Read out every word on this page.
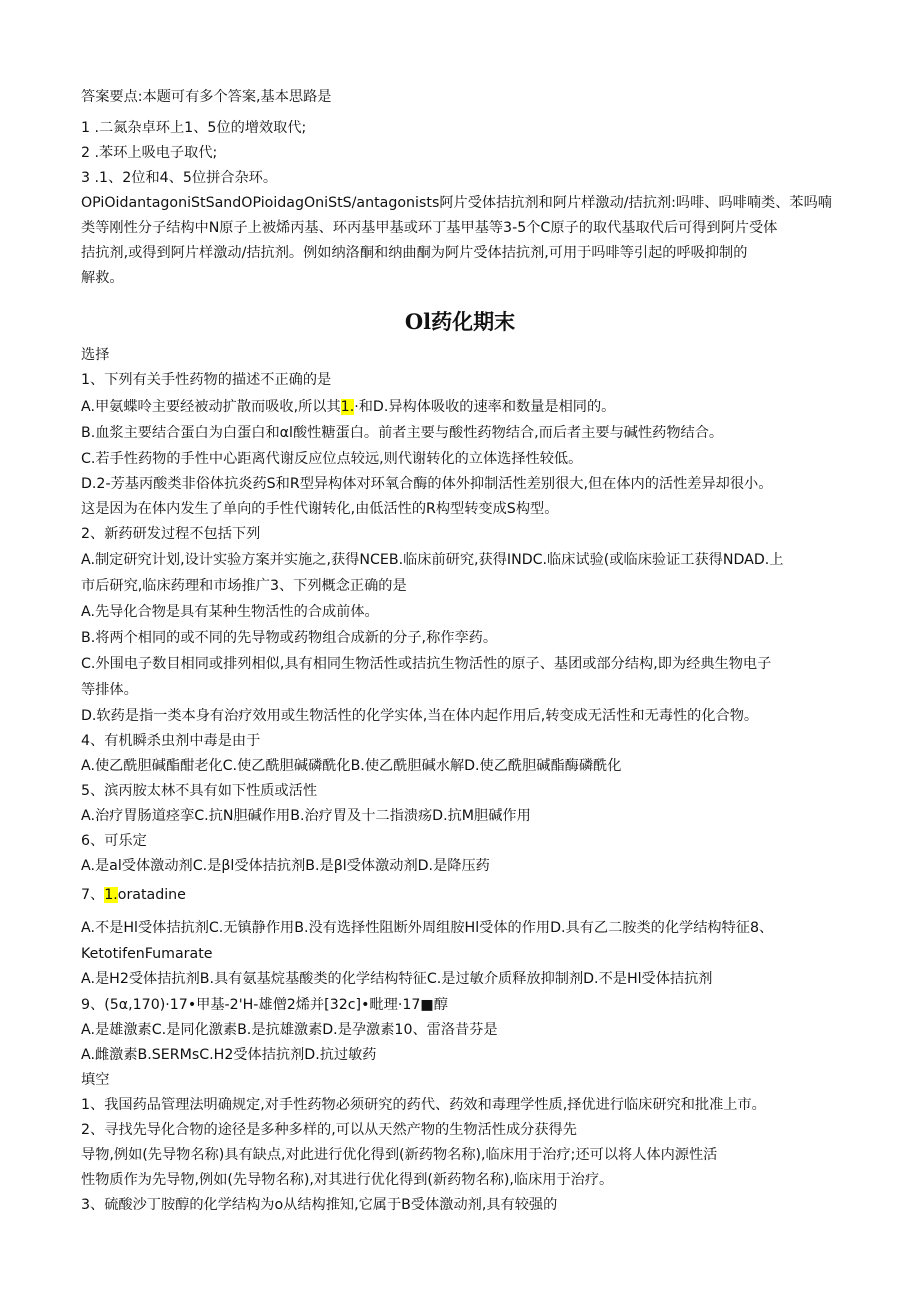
答案要点:本题可有多个答案,基本思路是
1 .二氮杂卓环上1、5位的增效取代;
2 .苯环上吸电子取代;
3 .1、2位和4、5位拼合杂环。
OPiOidantagoniStSandOPioidagOniStS/antagonists阿片受体拮抗剂和阿片样激动/拮抗剂:吗啡、吗啡喃类、苯吗喃
类等刚性分子结构中N原子上被烯丙基、环丙基甲基或环丁基甲基等3-5个C原子的取代基取代后可得到阿片受体
拮抗剂,或得到阿片样激动/拮抗剂。例如纳洛酮和纳曲酮为阿片受体拮抗剂,可用于吗啡等引起的呼吸抑制的
解救。
Ol药化期末
选择
1、下列有关手性药物的描述不正确的是
A.甲氨蝶呤主要经被动扩散而吸收,所以其1.·和D.异构体吸收的速率和数量是相同的。
B.血浆主要结合蛋白为白蛋白和αl酸性糖蛋白。前者主要与酸性药物结合,而后者主要与碱性药物结合。
C.若手性药物的手性中心距离代谢反应位点较远,则代谢转化的立体选择性较低。
D.2-芳基丙酸类非俗体抗炎药S和R型异构体对环氧合酶的体外抑制活性差别很大,但在体内的活性差异却很小。
这是因为在体内发生了单向的手性代谢转化,由低活性的R构型转变成S构型。
2、新药研发过程不包括下列
A.制定研究计划,设计实验方案并实施之,获得NCEB.临床前研究,获得INDC.临床试验(或临床验证工获得NDAD.上
市后研究,临床药理和市场推广3、下列概念正确的是
A.先导化合物是具有某种生物活性的合成前体。
B.将两个相同的或不同的先导物或药物组合成新的分子,称作孪药。
C.外围电子数目相同或排列相似,具有相同生物活性或拮抗生物活性的原子、基团或部分结构,即为经典生物电子
等排体。
D.软药是指一类本身有治疗效用或生物活性的化学实体,当在体内起作用后,转变成无活性和无毒性的化合物。
4、有机瞬杀虫剂中毒是由于
A.使乙酰胆碱酯酣老化C.使乙酰胆碱磷酰化B.使乙酰胆碱水解D.使乙酰胆碱酯酶磷酰化
5、滨丙胺太林不具有如下性质或活性
A.治疗胃肠道痉挛C.抗N胆碱作用B.治疗胃及十二指溃疡D.抗M胆碱作用
6、可乐定
A.是al受体激动剂C.是βl受体拮抗剂B.是βl受体激动剂D.是降压药
7、1.oratadine
A.不是Hl受体拮抗剂C.无镇静作用B.没有选择性阻断外周组胺Hl受体的作用D.具有乙二胺类的化学结构特征8、
KetotifenFumarate
A.是H2受体拮抗剂B.具有氨基烷基酸类的化学结构特征C.是过敏介质释放抑制剂D.不是Hl受体拮抗剂
9、(5α,170)·17•甲基-2'H-雄僧2烯并[32c]•毗理·17■醇
A.是雄激素C.是同化激素B.是抗雄激素D.是孕激素10、雷洛昔芬是
A.雌激素B.SERMsC.H2受体拮抗剂D.抗过敏药
填空
1、我国药品管理法明确规定,对手性药物必须研究的药代、药效和毒理学性质,择优进行临床研究和批准上市。
2、寻找先导化合物的途径是多种多样的,可以从天然产物的生物活性成分获得先
导物,例如(先导物名称)具有缺点,对此进行优化得到(新药物名称),临床用于治疗;还可以将人体内源性活
性物质作为先导物,例如(先导物名称),对其进行优化得到(新药物名称),临床用于治疗。
3、硫酸沙丁胺醇的化学结构为o从结构推知,它属于B受体激动剂,具有较强的
